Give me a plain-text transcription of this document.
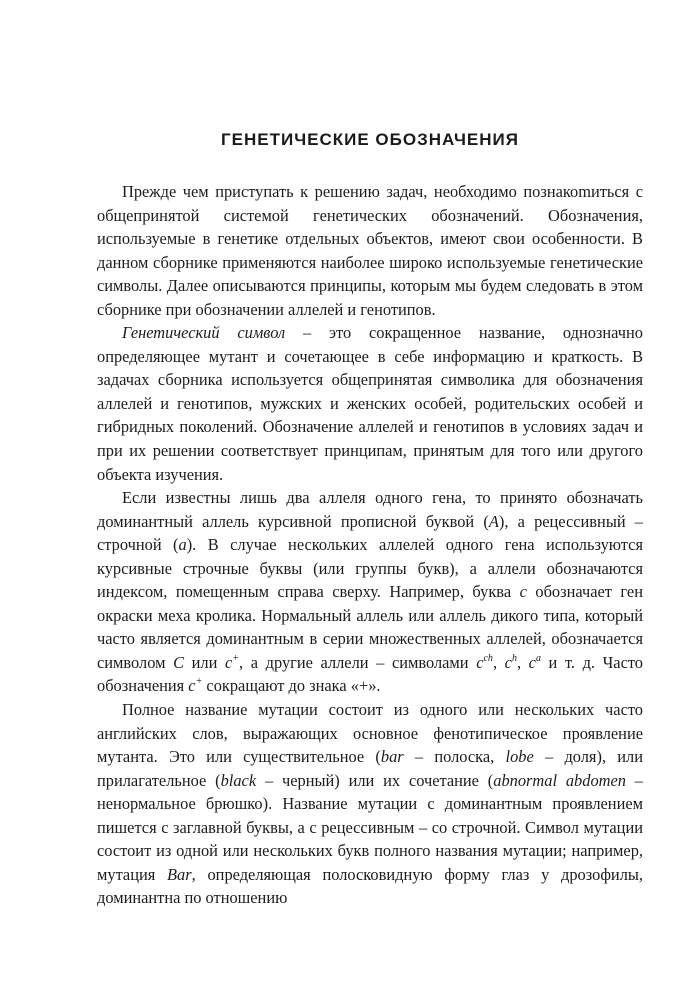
ГЕНЕТИЧЕСКИЕ ОБОЗНАЧЕНИЯ

Прежде чем приступать к решению задач, необходимо познакоmиться с общепринятой системой генетических обозначений. Обозначения, используемые в генетике отдельных объектов, имеют свои особенности. В данном сборнике применяются наиболее широко используемые генетические символы. Далее описываются принципы, которым мы будем следовать в этом сборнике при обозначении аллелей и генотипов.

Генетический символ – это сокращенное название, однозначно определяющее мутант и сочетающее в себе информацию и краткость. В задачах сборника используется общепринятая символика для обозначения аллелей и генотипов, мужских и женских особей, родительских особей и гибридных поколений. Обозначение аллелей и генотипов в условиях задач и при их решении соответствует принципам, принятым для того или другого объекта изучения.

Если известны лишь два аллеля одного гена, то принято обозначать доминантный аллель курсивной прописной буквой (A), а рецессивный – строчной (a). В случае нескольких аллелей одного гена используются курсивные строчные буквы (или группы букв), а аллели обозначаются индексом, помещенным справа сверху. Например, буква c обозначает ген окраски меха кролика. Нормальный аллель или аллель дикого типа, который часто является доминантным в серии множественных аллелей, обозначается символом C или c+, а другие аллели – символами $c^{ch}$, $c^h$, $c^a$ и т. д. Часто обозначения c+ сокращают до знака «+».

Полное название мутации состоит из одного или нескольких часто английских слов, выражающих основное фенотипическое проявление мутанта. Это или существительное (bar – полоска, lobe – доля), или прилагательное (black – черный) или их сочетание (abnormal abdomen – ненормальное брюшко). Название мутации с доминантным проявлением пишется с заглавной буквы, а с рецессивным – со строчной. Символ мутации состоит из одной или нескольких букв полного названия мутации; например, мутация Bar, определяющая полосковидную форму глаз у дрозофилы, доминантна по отношению
